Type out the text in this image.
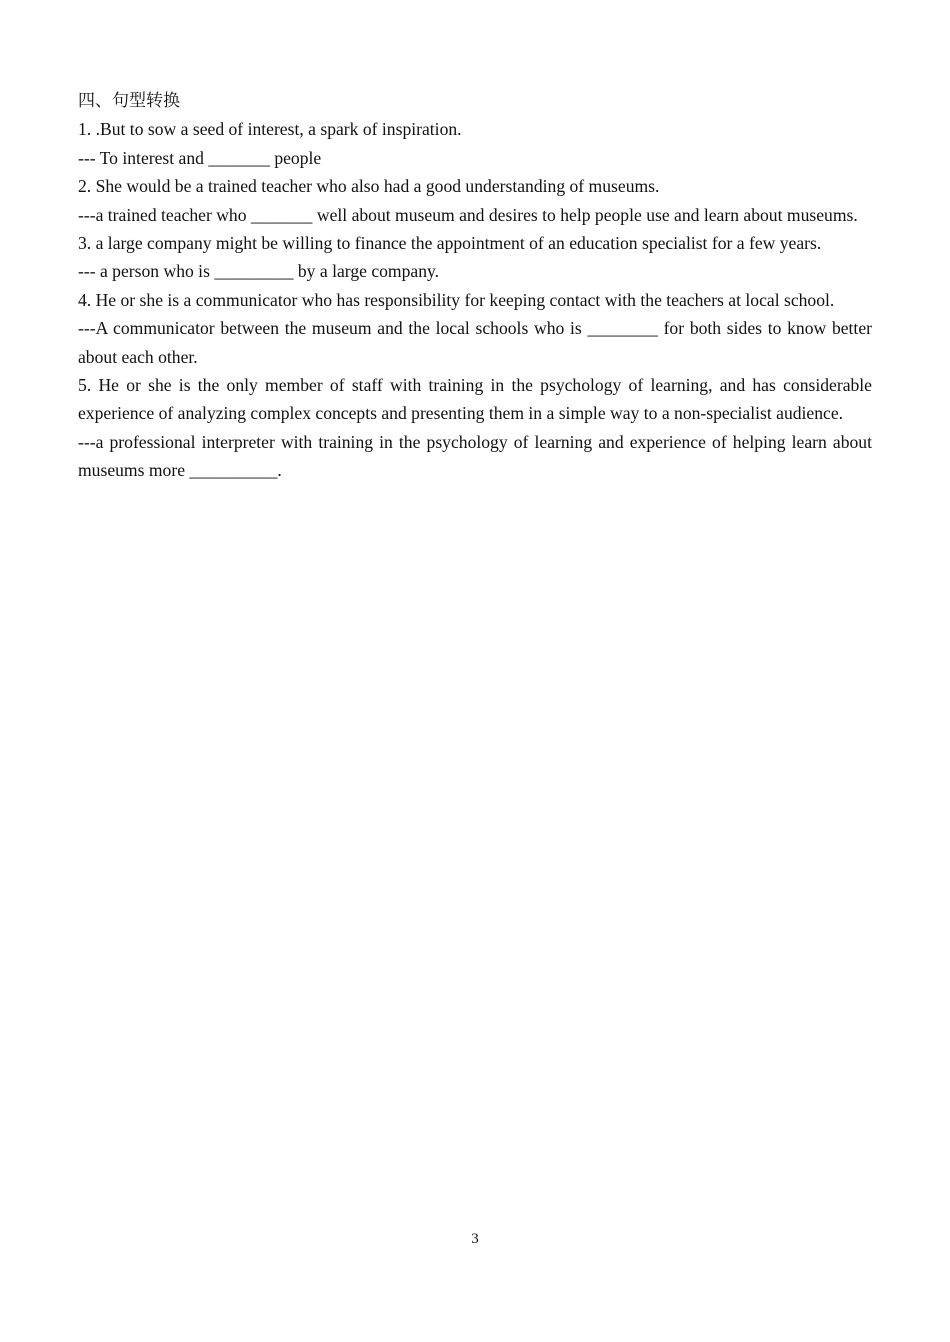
四、句型转换

1. .But to sow a seed of interest, a spark of inspiration.

--- To interest and _______ people

2. She would be a trained teacher who also had a good understanding of museums.

---a trained teacher who _______ well about museum and desires to help people use and learn about museums.

3. a large company might be willing to finance the appointment of an education specialist for a few years.

--- a person who is _________ by a large company.

4. He or she is a communicator who has responsibility for keeping contact with the teachers at local school.

---A communicator between the museum and the local schools who is ________ for both sides to know better about each other.

5. He or she is the only member of staff with training in the psychology of learning, and has considerable experience of analyzing complex concepts and presenting them in a simple way to a non-specialist audience.

---a professional interpreter with training in the psychology of learning and experience of helping learn about museums more __________.

3
